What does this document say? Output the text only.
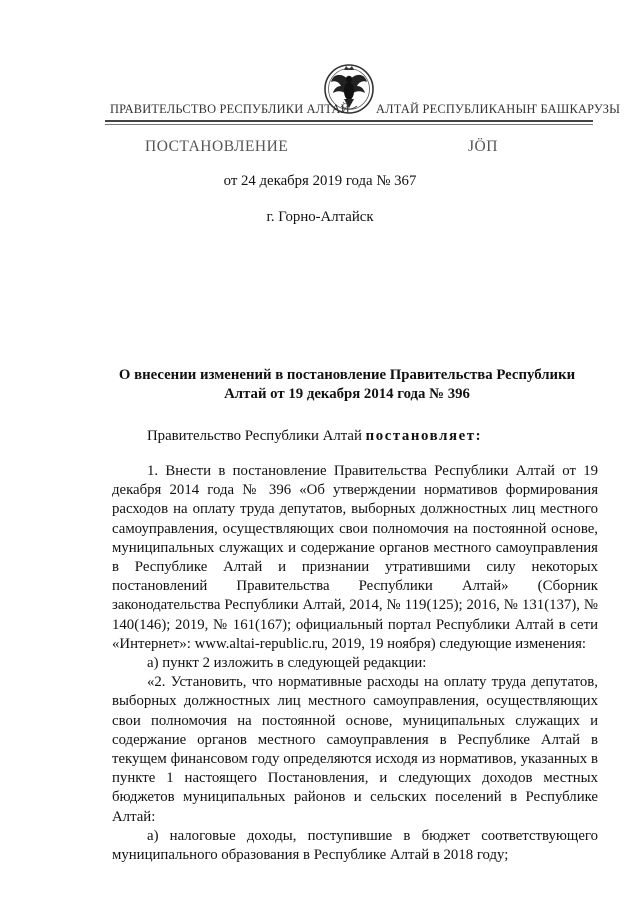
ПРАВИТЕЛЬСТВО РЕСПУБЛИКИ АЛТАЙ АЛТАЙ РЕСПУБЛИКАНЫҤ БАШКАРУЗЫ
ПОСТАНОВЛЕНИЕ	ЈӦП
от 24 декабря 2019 года № 367
г. Горно-Алтайск
О внесении изменений в постановление Правительства Республики Алтай от 19 декабря 2014 года № 396
Правительство Республики Алтай постановляет:

1. Внести в постановление Правительства Республики Алтай от 19 декабря 2014 года № 396 «Об утверждении нормативов формирования расходов на оплату труда депутатов, выборных должностных лиц местного самоуправления, осуществляющих свои полномочия на постоянной основе, муниципальных служащих и содержание органов местного самоуправления в Республике Алтай и признании утратившими силу некоторых постановлений Правительства Республики Алтай» (Сборник законодательства Республики Алтай, 2014, № 119(125); 2016, № 131(137), № 140(146); 2019, № 161(167); официальный портал Республики Алтай в сети «Интернет»: www.altai-republic.ru, 2019, 19 ноября) следующие изменения:

а) пункт 2 изложить в следующей редакции:

«2. Установить, что нормативные расходы на оплату труда депутатов, выборных должностных лиц местного самоуправления, осуществляющих свои полномочия на постоянной основе, муниципальных служащих и содержание органов местного самоуправления в Республике Алтай в текущем финансовом году определяются исходя из нормативов, указанных в пункте 1 настоящего Постановления, и следующих доходов местных бюджетов муниципальных районов и сельских поселений в Республике Алтай:

а) налоговые доходы, поступившие в бюджет соответствующего муниципального образования в Республике Алтай в 2018 году;
